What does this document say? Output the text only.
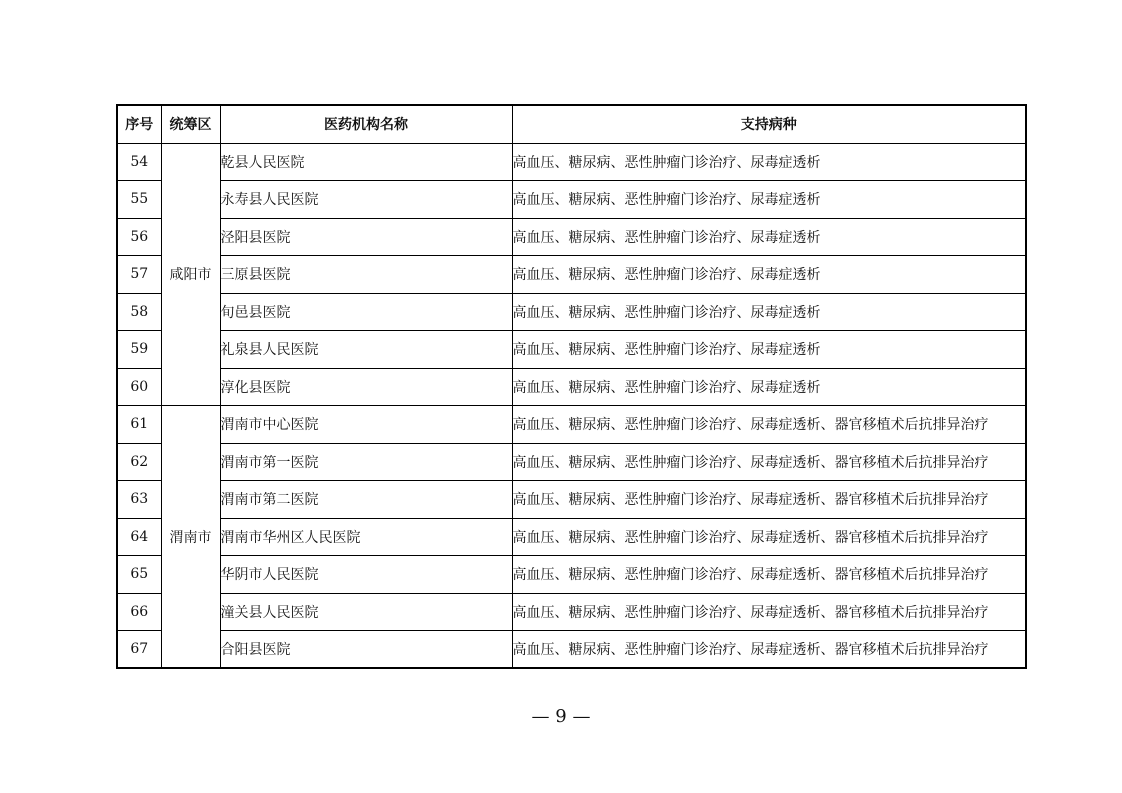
序号	统筹区	医药机构名称	支持病种
54	咸阳市	乾县人民医院	高血压、糖尿病、恶性肿瘤门诊治疗、尿毒症透析
55		永寿县人民医院	高血压、糖尿病、恶性肿瘤门诊治疗、尿毒症透析
56		泾阳县医院	高血压、糖尿病、恶性肿瘤门诊治疗、尿毒症透析
57		三原县医院	高血压、糖尿病、恶性肿瘤门诊治疗、尿毒症透析
58		旬邑县医院	高血压、糖尿病、恶性肿瘤门诊治疗、尿毒症透析
59		礼泉县人民医院	高血压、糖尿病、恶性肿瘤门诊治疗、尿毒症透析
60		淳化县医院	高血压、糖尿病、恶性肿瘤门诊治疗、尿毒症透析
61	渭南市	渭南市中心医院	高血压、糖尿病、恶性肿瘤门诊治疗、尿毒症透析、器官移植术后抗排异治疗
62		渭南市第一医院	高血压、糖尿病、恶性肿瘤门诊治疗、尿毒症透析、器官移植术后抗排异治疗
63		渭南市第二医院	高血压、糖尿病、恶性肿瘤门诊治疗、尿毒症透析、器官移植术后抗排异治疗
64		渭南市华州区人民医院	高血压、糖尿病、恶性肿瘤门诊治疗、尿毒症透析、器官移植术后抗排异治疗
65		华阴市人民医院	高血压、糖尿病、恶性肿瘤门诊治疗、尿毒症透析、器官移植术后抗排异治疗
66		潼关县人民医院	高血压、糖尿病、恶性肿瘤门诊治疗、尿毒症透析、器官移植术后抗排异治疗
67		合阳县医院	高血压、糖尿病、恶性肿瘤门诊治疗、尿毒症透析、器官移植术后抗排异治疗
— 9 —
